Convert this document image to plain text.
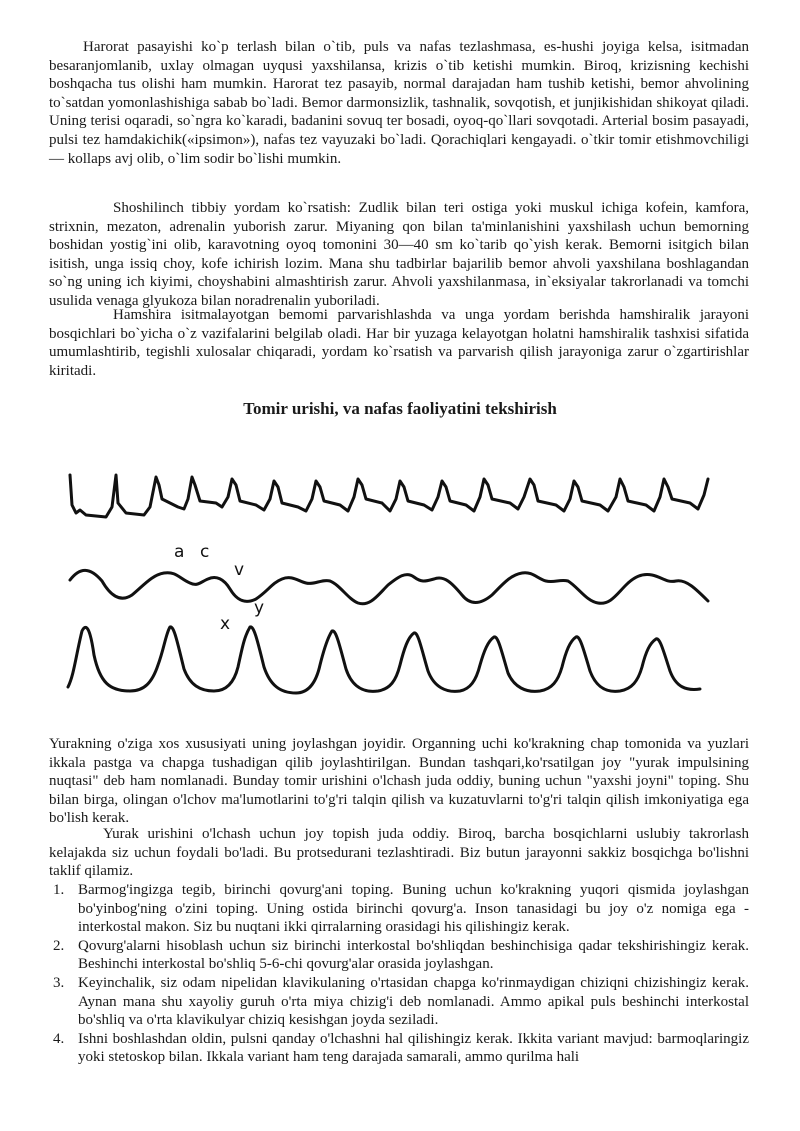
Harorat pasayishi ko`p terlash bilan o`tib, puls va nafas tezlashmasa, es-hushi joyiga kelsa, isitmadan besaranjomlanib, uxlay olmagan uyqusi yaxshilansa, krizis o`tib ketishi mumkin. Biroq, krizisning kechishi boshqacha tus olishi ham mumkin. Harorat tez pasayib, normal darajadan ham tushib ketishi, bemor ahvolining to`satdan yomonlashishiga sabab bo`ladi. Bemor darmonsizlik, tashnalik, sovqotish, et junjikishidan shikoyat qiladi. Uning terisi oqaradi, so`ngra ko`karadi, badanini sovuq ter bosadi, oyoq-qo`llari sovqotadi. Arterial bosim pasayadi, pulsi tez hamdakichik(«ipsimon»), nafas tez vayuzaki bo`ladi. Qorachiqlari kengayadi. o`tkir tomir etishmovchiligi — kollaps avj olib, o`lim sodir bo`lishi mumkin.

Shoshilinch tibbiy yordam ko`rsatish: Zudlik bilan teri ostiga yoki muskul ichiga kofein, kamfora, strixnin, mezaton, adrenalin yuborish zarur. Miyaning qon bilan ta'minlanishini yaxshilash uchun bemorning boshidan yostig`ini olib, karavotning oyoq tomonini 30—40 sm ko`tarib qo`yish kerak. Bemorni isitgich bilan isitish, unga issiq choy, kofe ichirish lozim. Mana shu tadbirlar bajarilib bemor ahvoli yaxshilana boshlagandan so`ng uning ich kiyimi, choyshabini almashtirish zarur. Ahvoli yaxshilanmasa, in`eksiyalar takrorlanadi va tomchi usulida venaga glyukoza bilan noradrenalin yuboriladi.

Hamshira isitmalayotgan bemomi parvarishlashda va unga yordam berishda hamshiralik jarayoni bosqichlari bo`yicha o`z vazifalarini belgilab oladi. Har bir yuzaga kelayotgan holatni hamshiralik tashxisi sifatida umumlashtirib, tegishli xulosalar chiqaradi, yordam ko`rsatish va parvarish qilish jarayoniga zarur o`zgartirishlar kiritadi.

Tomir urishi, va nafas faoliyatini tekshirish
a c
v
x
y

Yurakning o'ziga xos xususiyati uning joylashgan joyidir. Organning uchi ko'krakning chap tomonida va yuzlari ikkala pastga va chapga tushadigan qilib joylashtirilgan. Bundan tashqari,ko'rsatilgan joy "yurak impulsining nuqtasi" deb ham nomlanadi. Bunday tomir urishini o'lchash juda oddiy, buning uchun "yaxshi joyni" toping. Shu bilan birga, olingan o'lchov ma'lumotlarini to'g'ri talqin qilish va kuzatuvlarni to'g'ri talqin qilish imkoniyatiga ega bo'lish kerak.

Yurak urishini o'lchash uchun joy topish juda oddiy. Biroq, barcha bosqichlarni uslubiy takrorlash kelajakda siz uchun foydali bo'ladi. Bu protsedurani tezlashtiradi. Biz butun jarayonni sakkiz bosqichga bo'lishni taklif qilamiz.

1. Barmog'ingizga tegib, birinchi qovurg'ani toping. Buning uchun ko'krakning yuqori qismida joylashgan bo'yinbog'ning o'zini toping. Uning ostida birinchi qovurg'a. Inson tanasidagi bu joy o'z nomiga ega - interkostal makon. Siz bu nuqtani ikki qirralarning orasidagi his qilishingiz kerak.
2. Qovurg'alarni hisoblash uchun siz birinchi interkostal bo'shliqdan beshinchisiga qadar tekshirishingiz kerak. Beshinchi interkostal bo'shliq 5-6-chi qovurg'alar orasida joylashgan.
3. Keyinchalik, siz odam nipelidan klavikulaning o'rtasidan chapga ko'rinmaydigan chiziqni chizishingiz kerak. Aynan mana shu xayoliy guruh o'rta miya chizig'i deb nomlanadi. Ammo apikal puls beshinchi interkostal bo'shliq va o'rta klavikulyar chiziq kesishgan joyda seziladi.
4. Ishni boshlashdan oldin, pulsni qanday o'lchashni hal qilishingiz kerak. Ikkita variant mavjud: barmoqlaringiz yoki stetoskop bilan. Ikkala variant ham teng darajada samarali, ammo qurilma hali
